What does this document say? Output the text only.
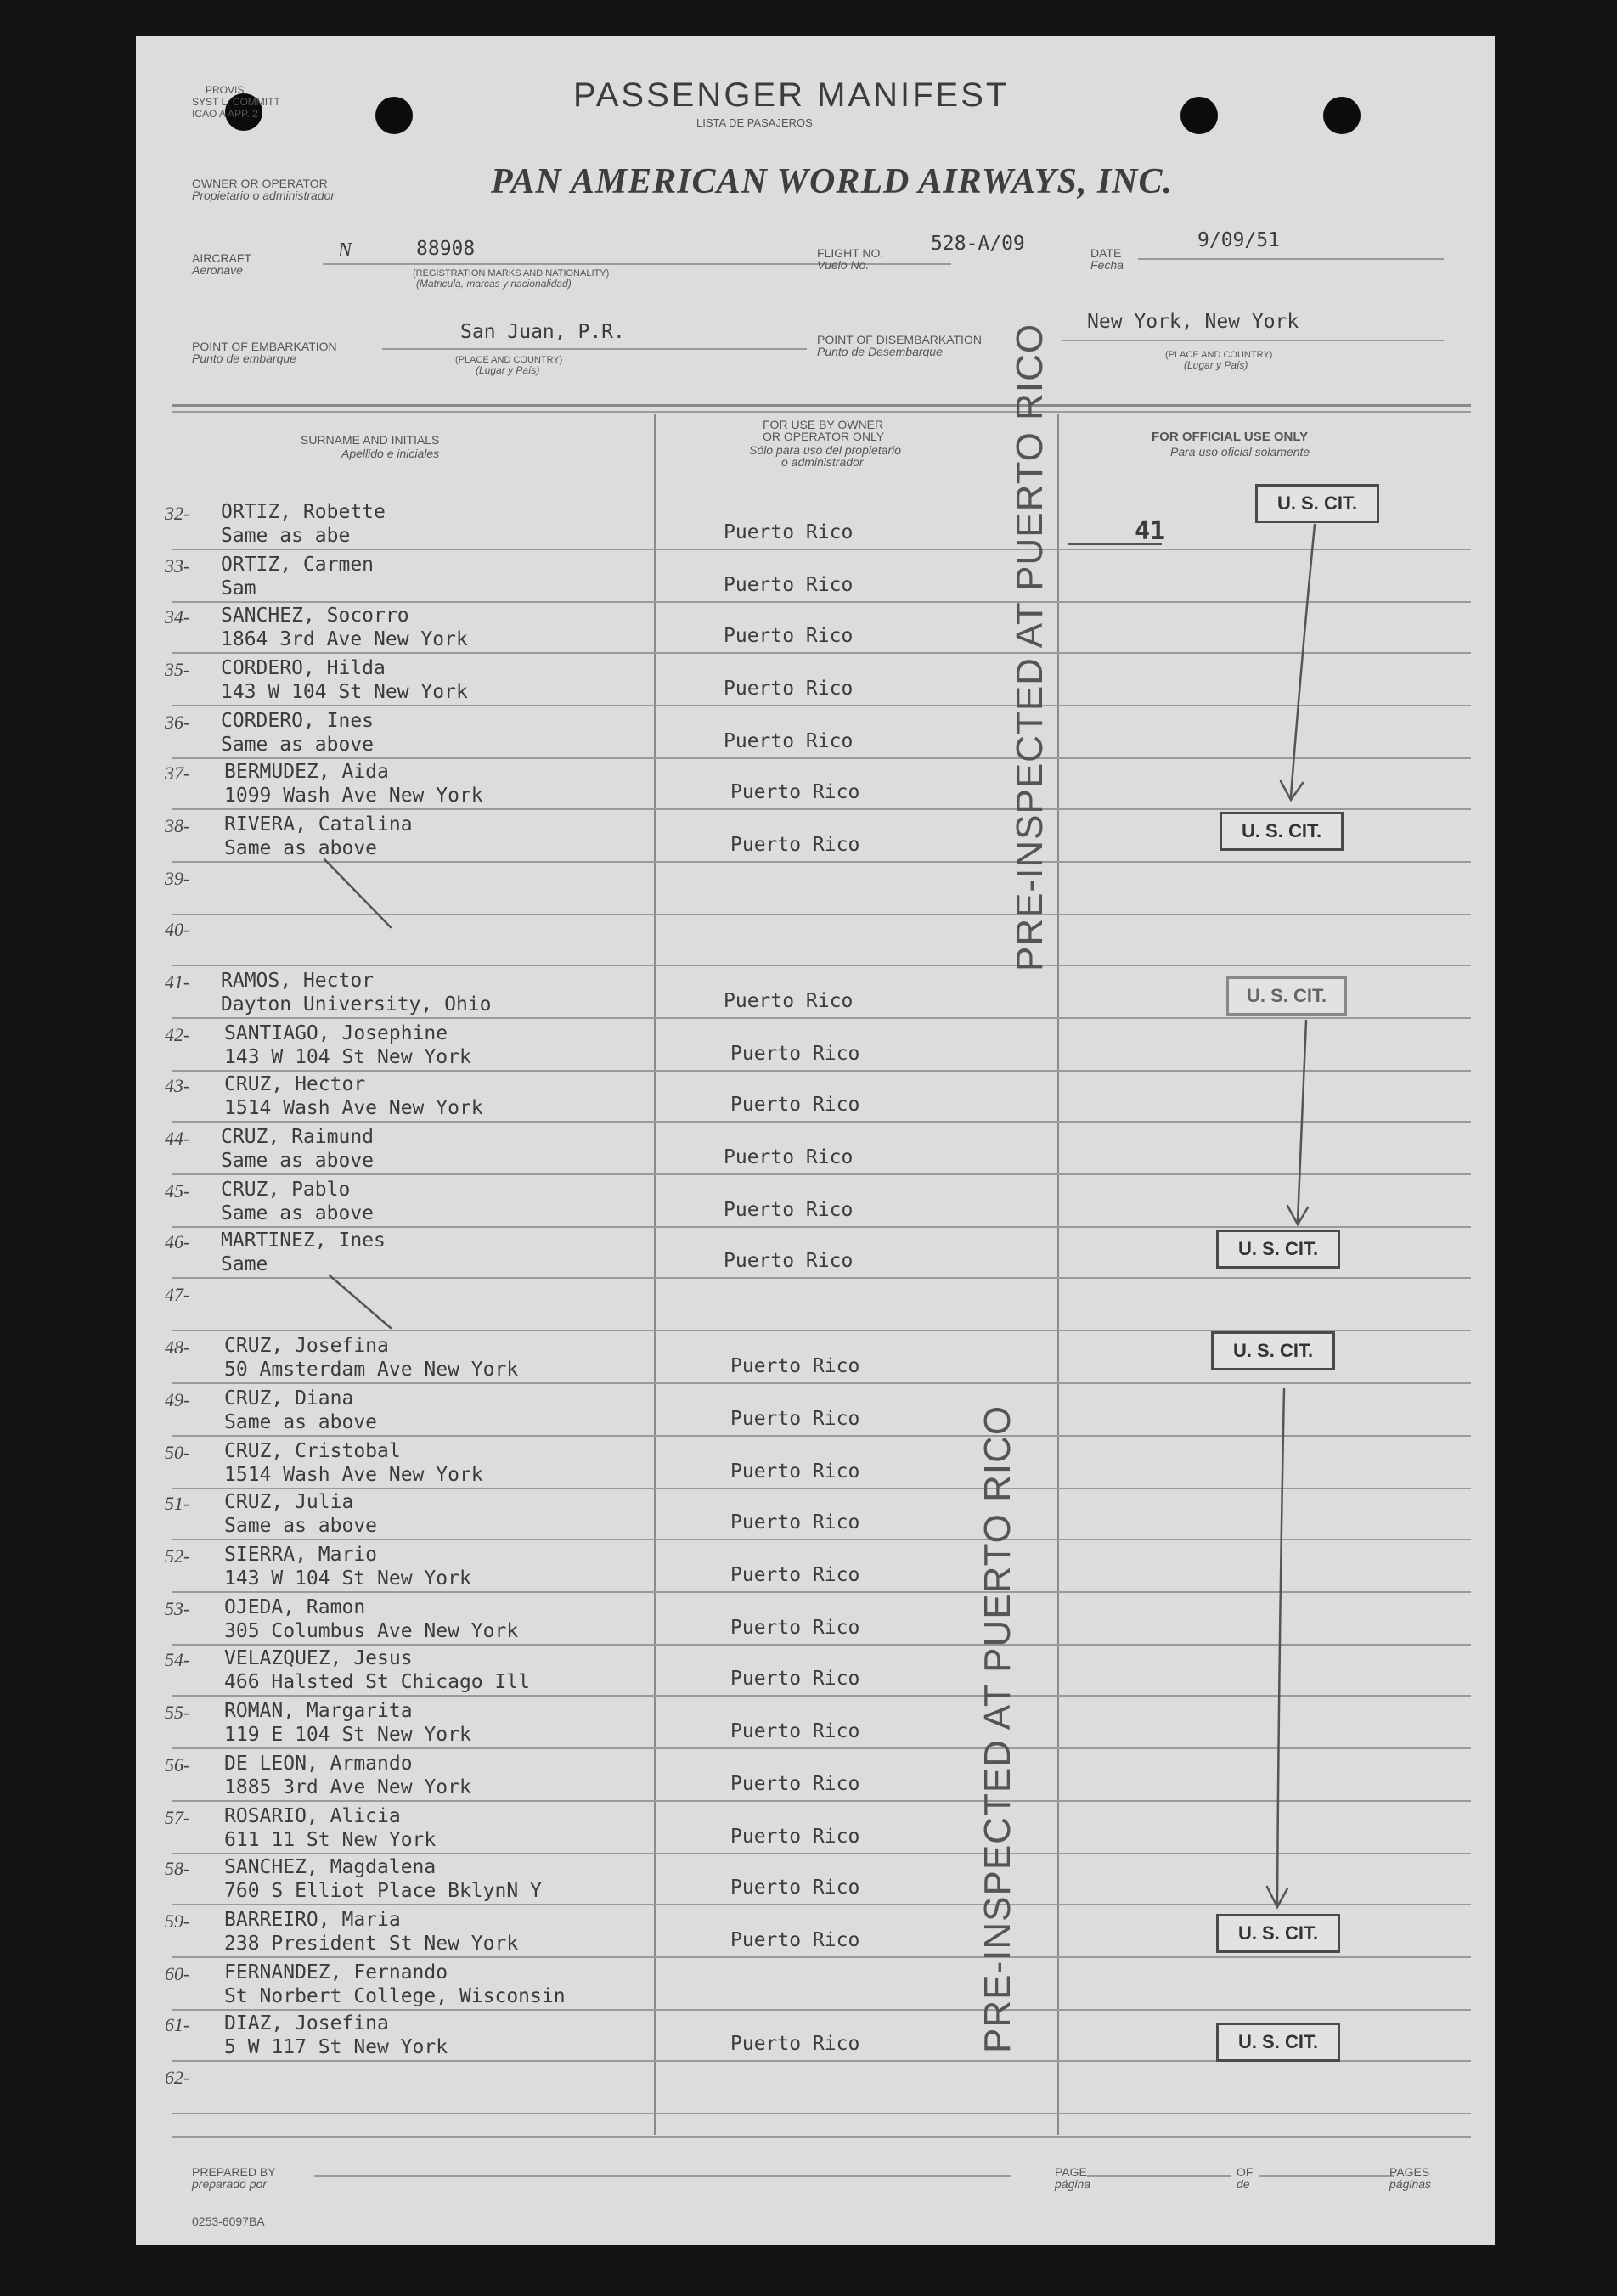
PROVIS
SYST L. COMMITT
ICAO A APP. 2	PASSENGER MANIFEST
LISTA DE PASAJEROS
OWNER OR OPERATOR
Propietario o administrador	PAN AMERICAN WORLD AIRWAYS, INC.
AIRCRAFT
Aeronave
N	88908
(REGISTRATION MARKS AND NATIONALITY)
(Matricula, marcas y nacionalidad)
FLIGHT NO.
Vuelo No.
528-A/09	DATE
Fecha
9/09/51
POINT OF EMBARKATION
Punto de embarque
San Juan, P.R.
(PLACE AND COUNTRY)
(Lugar y País)
POINT OF DISEMBARKATION
Punto de Desembarque
New York, New York
(PLACE AND COUNTRY)
(Lugar y País)
SURNAME AND INITIALS
Apellido e iniciales
FOR USE BY OWNER
OR OPERATOR ONLY
Sólo para uso del propietario
o administrador
FOR OFFICIAL USE ONLY
Para uso oficial solamente
32- ORTIZ, Robette
Same as abe	Puerto Rico
33- ORTIZ, Carmen
Sam	Puerto Rico
34- SANCHEZ, Socorro
1864 3rd Ave New York	Puerto Rico
35- CORDERO, Hilda
143 W 104 St New York	Puerto Rico
36- CORDERO, Ines
Same as above	Puerto Rico
37- BERMUDEZ, Aida
1099 Wash Ave New York	Puerto Rico
38- RIVERA, Catalina
Same as above	Puerto Rico
39-
40-
41- RAMOS, Hector
Dayton University, Ohio	Puerto Rico
42- SANTIAGO, Josephine
143 W 104 St New York	Puerto Rico
43- CRUZ, Hector
1514 Wash Ave New York	Puerto Rico
44- CRUZ, Raimund
Same as above	Puerto Rico
45- CRUZ, Pablo
Same as above	Puerto Rico
46- MARTINEZ, Ines
Same	Puerto Rico
47-
48- CRUZ, Josefina
50 Amsterdam Ave New York	Puerto Rico
49- CRUZ, Diana
Same as above	Puerto Rico
50- CRUZ, Cristobal
1514 Wash Ave New York	Puerto Rico
51- CRUZ, Julia
Same as above	Puerto Rico
52- SIERRA, Mario
143 W 104 St New York	Puerto Rico
53- OJEDA, Ramon
305 Columbus Ave New York	Puerto Rico
54- VELAZQUEZ, Jesus
466 Halsted St Chicago Ill	Puerto Rico
55- ROMAN, Margarita
119 E 104 St New York	Puerto Rico
56- DE LEON, Armando
1885 3rd Ave New York	Puerto Rico
57- ROSARIO, Alicia
611 11 St New York	Puerto Rico
58- SANCHEZ, Magdalena
760 S Elliot Place BklynN Y	Puerto Rico
59- BARREIRO, Maria
238 President St New York	Puerto Rico
60- FERNANDEZ, Fernando
St Norbert College, Wisconsin
61- DIAZ, Josefina
5 W 117 St New York	Puerto Rico
62-
41
PRE-INSPECTED AT PUERTO RICO
PRE-INSPECTED AT PUERTO RICO
U. S. CIT.
U. S. CIT.
U. S. CIT.
U. S. CIT.
U. S. CIT.
U. S. CIT.
U. S. CIT.
PREPARED BY
preparado por
PAGE
página
OF
de
PAGES
páginas
0253-6097BA
